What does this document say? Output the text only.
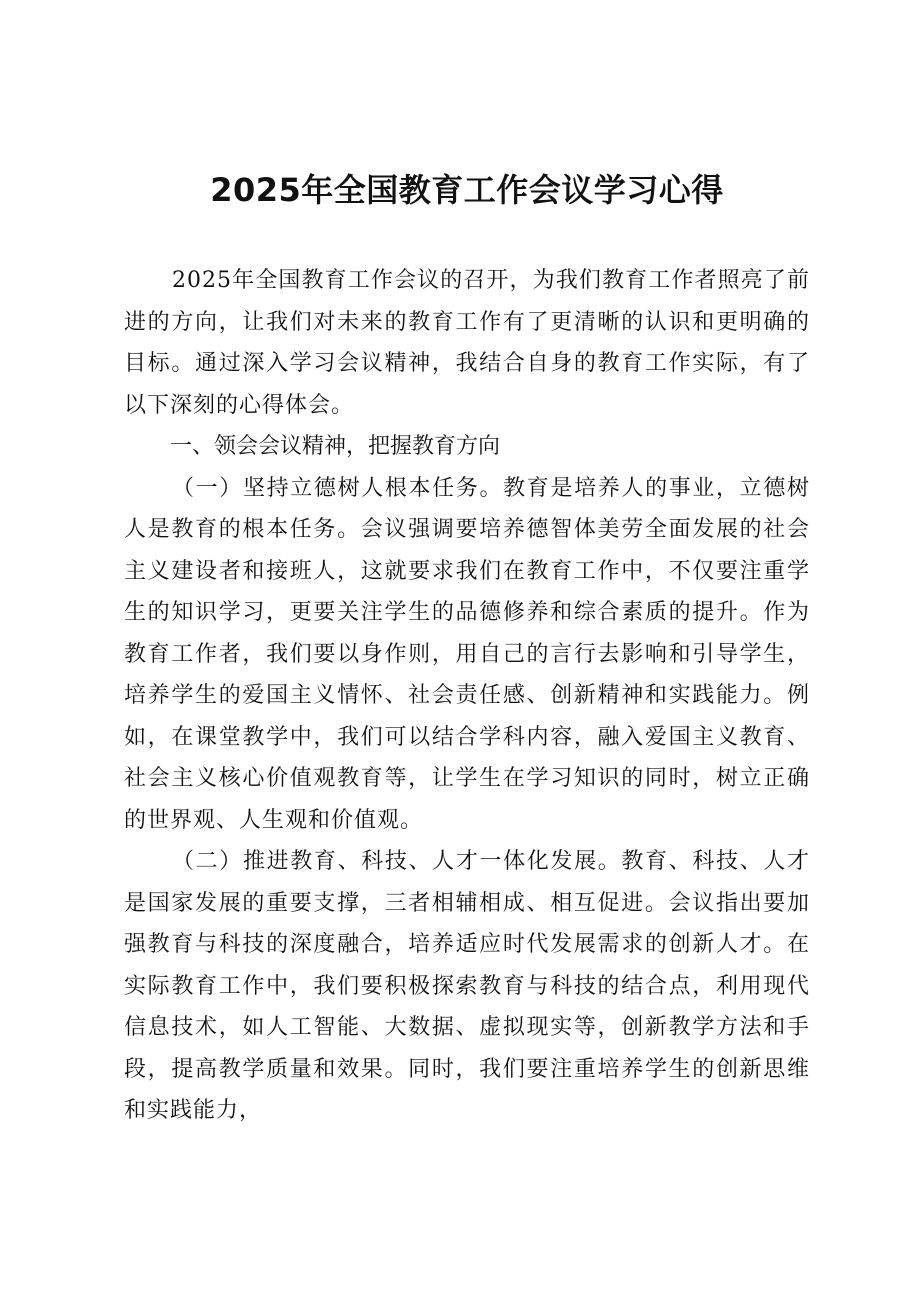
2025年全国教育工作会议学习心得

2025年全国教育工作会议的召开，为我们教育工作者照亮了前进的方向，让我们对未来的教育工作有了更清晰的认识和更明确的目标。通过深入学习会议精神，我结合自身的教育工作实际，有了以下深刻的心得体会。

一、领会会议精神，把握教育方向

（一）坚持立德树人根本任务。教育是培养人的事业，立德树人是教育的根本任务。会议强调要培养德智体美劳全面发展的社会主义建设者和接班人，这就要求我们在教育工作中，不仅要注重学生的知识学习，更要关注学生的品德修养和综合素质的提升。作为教育工作者，我们要以身作则，用自己的言行去影响和引导学生，培养学生的爱国主义情怀、社会责任感、创新精神和实践能力。例如，在课堂教学中，我们可以结合学科内容，融入爱国主义教育、社会主义核心价值观教育等，让学生在学习知识的同时，树立正确的世界观、人生观和价值观。

（二）推进教育、科技、人才一体化发展。教育、科技、人才是国家发展的重要支撑，三者相辅相成、相互促进。会议指出要加强教育与科技的深度融合，培养适应时代发展需求的创新人才。在实际教育工作中，我们要积极探索教育与科技的结合点，利用现代信息技术，如人工智能、大数据、虚拟现实等，创新教学方法和手段，提高教学质量和效果。同时，我们要注重培养学生的创新思维和实践能力，
